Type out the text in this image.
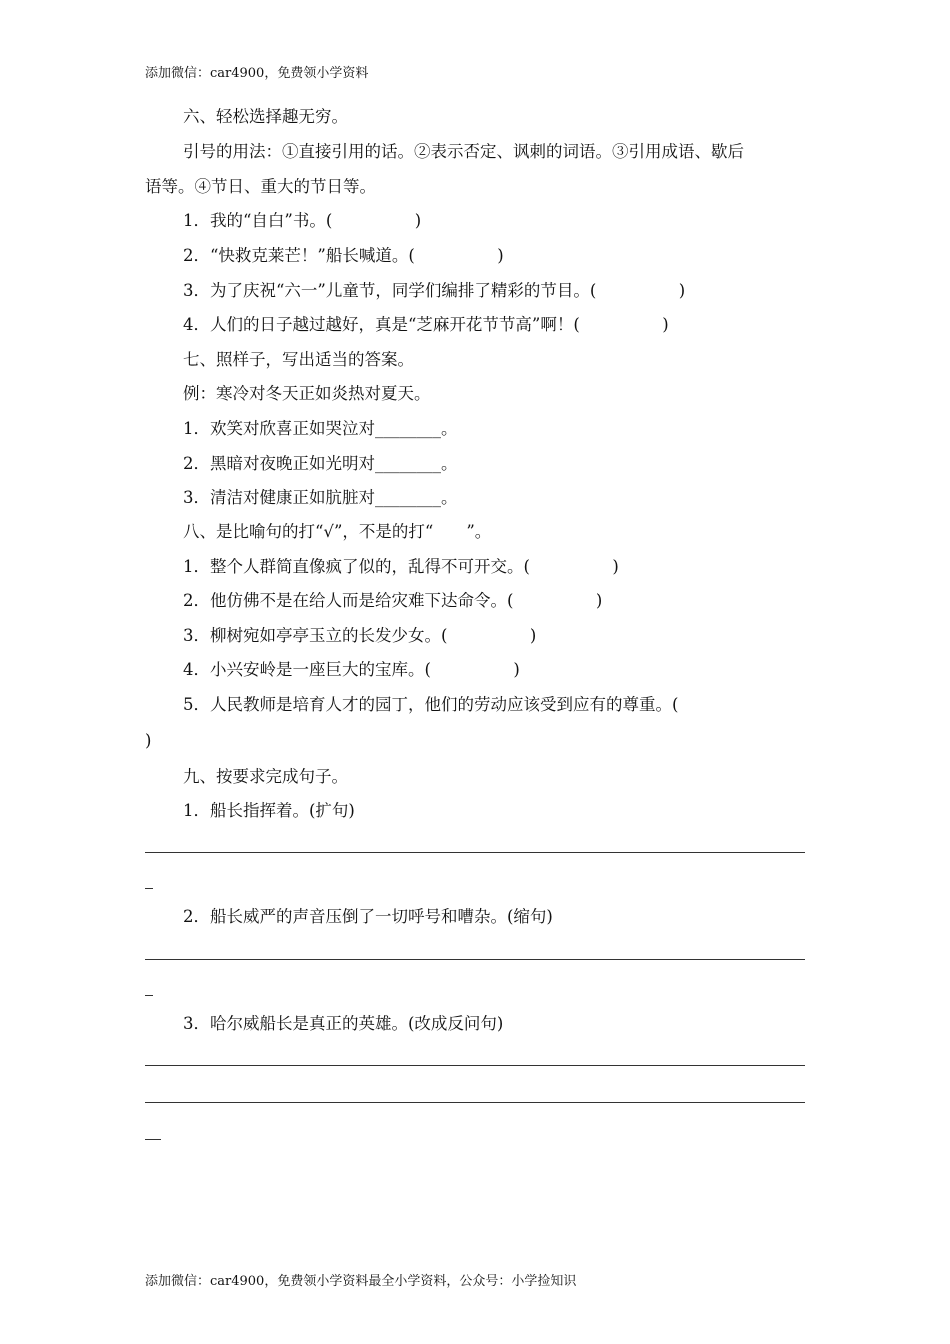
添加微信：car4900，免费领小学资料
六、轻松选择趣无穷。
引号的用法：①直接引用的话。②表示否定、讽刺的词语。③引用成语、歇后
语等。④节日、重大的节日等。
1．我的“自白”书。(　　　　　)
2．“快救克莱芒！”船长喊道。(　　　　　)
3．为了庆祝“六一”儿童节，同学们编排了精彩的节目。(　　　　　)
4．人们的日子越过越好，真是“芝麻开花节节高”啊！(　　　　　)
七、照样子，写出适当的答案。
例：寒冷对冬天正如炎热对夏天。
1．欢笑对欣喜正如哭泣对________。
2．黑暗对夜晚正如光明对________。
3．清洁对健康正如肮脏对________。
八、是比喻句的打“√”，不是的打“　　”。
1．整个人群简直像疯了似的，乱得不可开交。(　　　　　)
2．他仿佛不是在给人而是给灾难下达命令。(　　　　　)
3．柳树宛如亭亭玉立的长发少女。(　　　　　)
4．小兴安岭是一座巨大的宝库。(　　　　　)
5．人民教师是培育人才的园丁，他们的劳动应该受到应有的尊重。(
)
九、按要求完成句子。
1．船长指挥着。(扩句)
2．船长威严的声音压倒了一切呼号和嘈杂。(缩句)
3．哈尔威船长是真正的英雄。(改成反问句)
添加微信：car4900，免费领小学资料最全小学资料，公众号：小学捡知识
